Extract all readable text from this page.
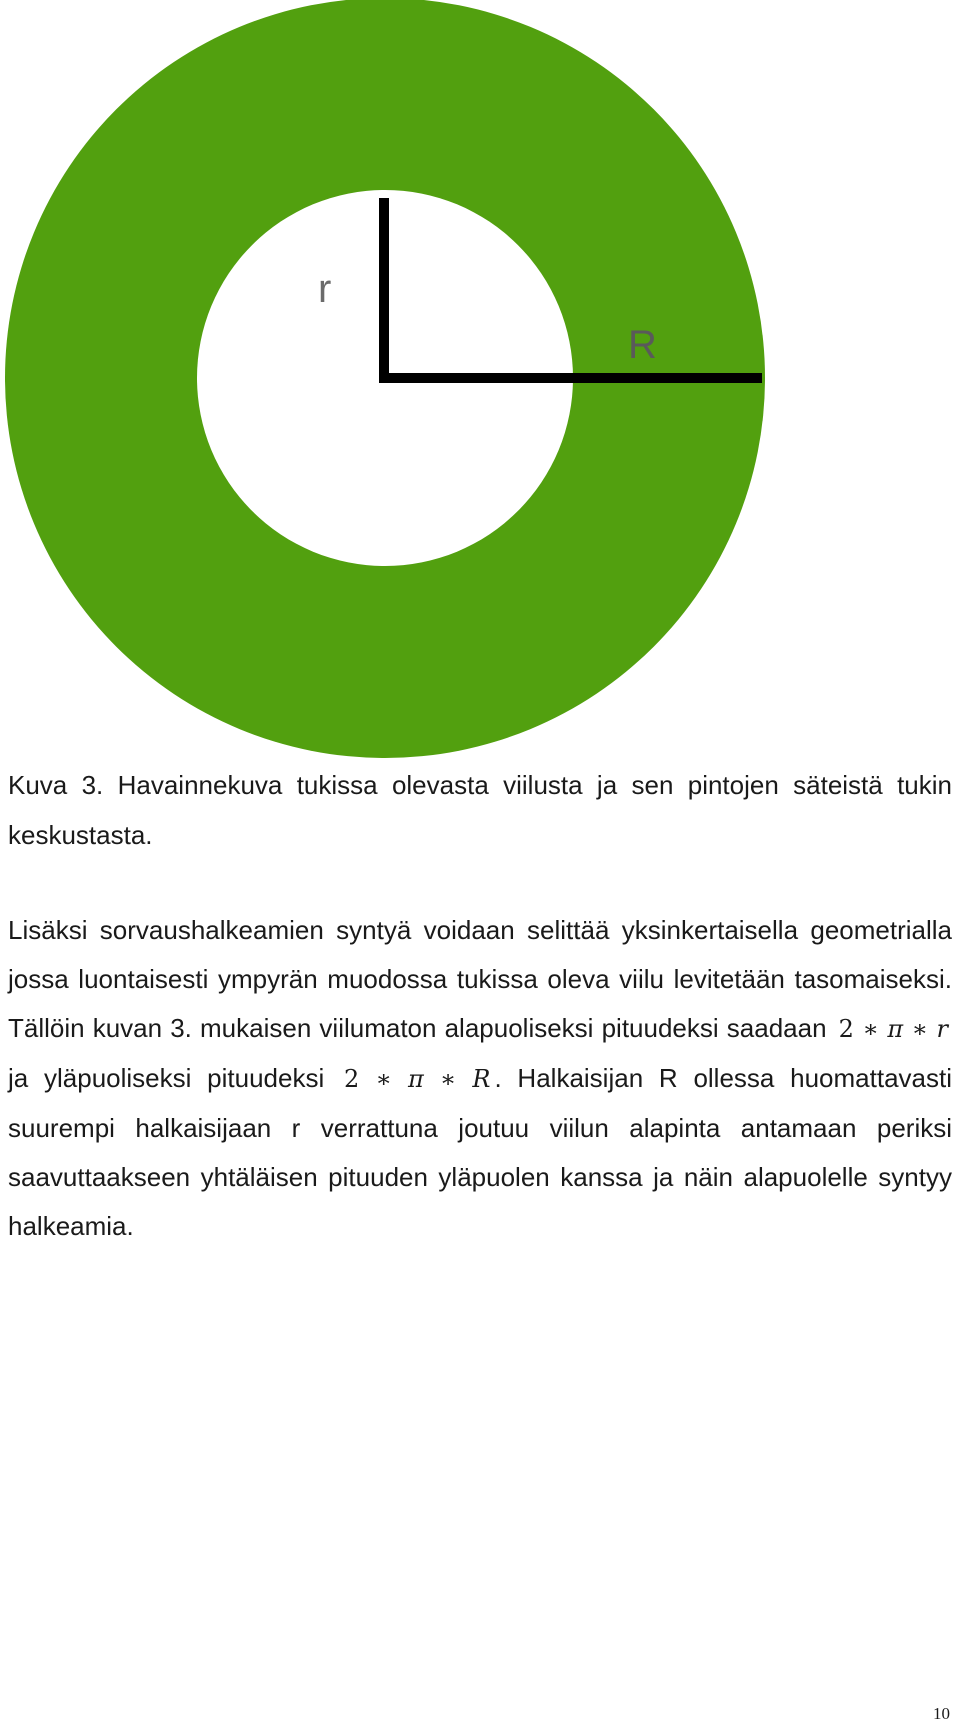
r
R
Kuva 3. Havainnekuva tukissa olevasta viilusta ja sen pintojen säteistä tukin keskustasta.
Lisäksi sorvaushalkeamien syntyä voidaan selittää yksinkertaisella geometrialla jossa luontaisesti ympyrän muodossa tukissa oleva viilu levitetään tasomaiseksi. Tällöin kuvan 3. mukaisen viilumaton alapuoliseksi pituudeksi saadaan 2 ∗ π ∗ r ja yläpuoliseksi pituudeksi 2 ∗ π ∗ R . Halkaisijan R ollessa huomattavasti suurempi halkaisijaan r verrattuna joutuu viilun alapinta antamaan periksi saavuttaakseen yhtäläisen pituuden yläpuolen kanssa ja näin alapuolelle syntyy halkeamia.
10
